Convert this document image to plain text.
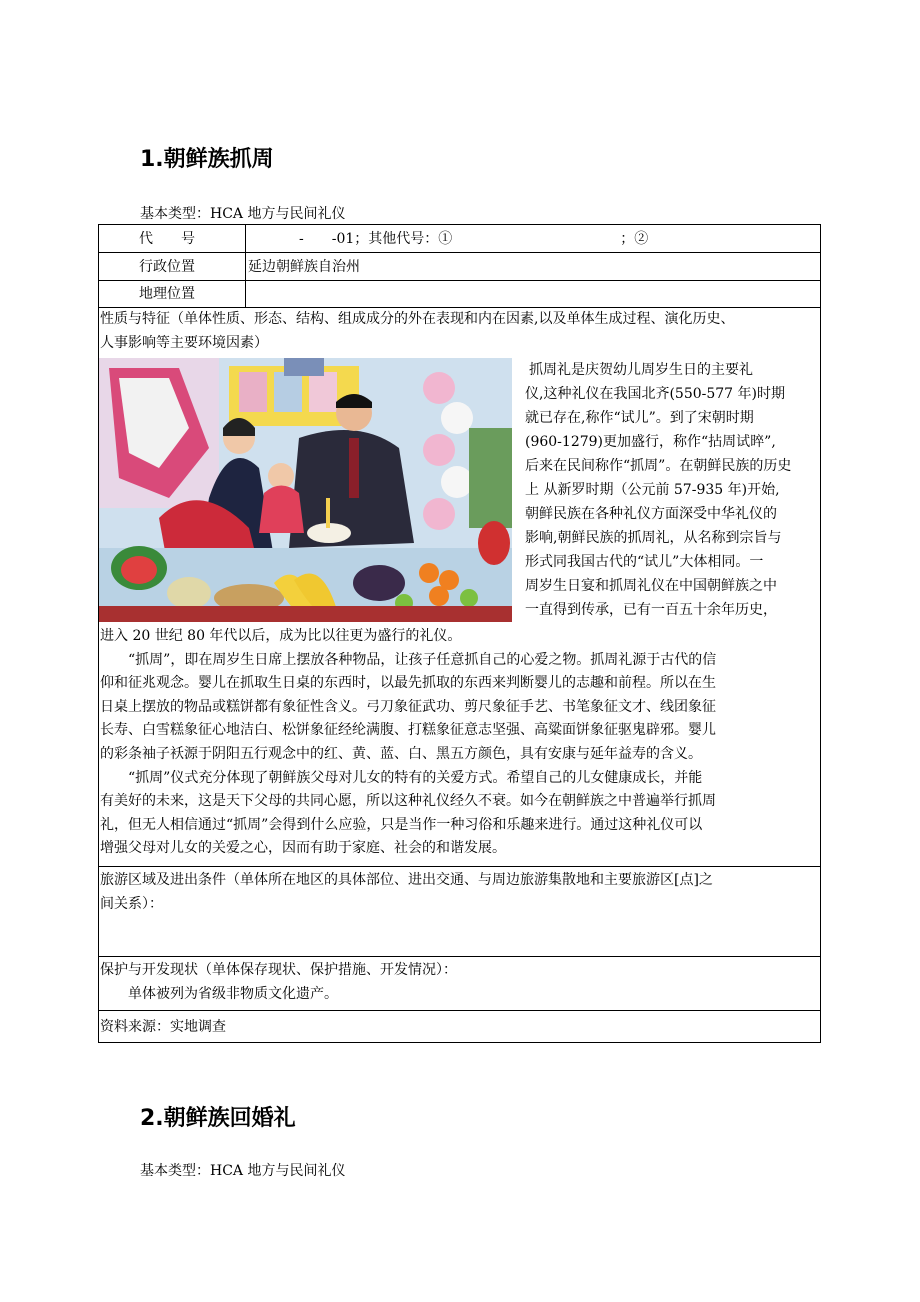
1.朝鲜族抓周
基本类型：HCA 地方与民间礼仪
代　　号	-　　-01；其他代号：①　　　　　　　　　　　　；②
行政位置	延边朝鲜族自治州
地理位置
性质与特征（单体性质、形态、结构、组成成分的外在表现和内在因素,以及单体生成过程、演化历史、
人事影响等主要环境因素）
抓周礼是庆贺幼儿周岁生日的主要礼
仪,这种礼仪在我国北齐(550-577 年)时期
就已存在,称作“试儿”。到了宋朝时期
(960-1279)更加盛行，称作“拈周试晬”,
后来在民间称作“抓周”。在朝鲜民族的历史
上 从新罗时期（公元前 57-935 年)开始,
朝鲜民族在各种礼仪方面深受中华礼仪的
影响,朝鲜民族的抓周礼，从名称到宗旨与
形式同我国古代的“试儿”大体相同。一
周岁生日宴和抓周礼仪在中国朝鲜族之中
一直得到传承，已有一百五十余年历史，
进入 20 世纪 80 年代以后，成为比以往更为盛行的礼仪。
　　“抓周”，即在周岁生日席上摆放各种物品，让孩子任意抓自己的心爱之物。抓周礼源于古代的信
仰和征兆观念。婴儿在抓取生日桌的东西时，以最先抓取的东西来判断婴儿的志趣和前程。所以在生
日桌上摆放的物品或糕饼都有象征性含义。弓刀象征武功、剪尺象征手艺、书笔象征文才、线团象征
长寿、白雪糕象征心地洁白、松饼象征经纶满腹、打糕象征意志坚强、高粱面饼象征驱鬼辟邪。婴儿
的彩条袖子袄源于阴阳五行观念中的红、黄、蓝、白、黑五方颜色，具有安康与延年益寿的含义。
　　“抓周”仪式充分体现了朝鲜族父母对儿女的特有的关爱方式。希望自己的儿女健康成长，并能
有美好的未来，这是天下父母的共同心愿，所以这种礼仪经久不衰。如今在朝鲜族之中普遍举行抓周
礼，但无人相信通过“抓周”会得到什么应验，只是当作一种习俗和乐趣来进行。通过这种礼仪可以
增强父母对儿女的关爱之心，因而有助于家庭、社会的和谐发展。
旅游区域及进出条件（单体所在地区的具体部位、进出交通、与周边旅游集散地和主要旅游区[点]之
间关系）：
保护与开发现状（单体保存现状、保护措施、开发情况）：
　　单体被列为省级非物质文化遗产。
资料来源：实地调查
2.朝鲜族回婚礼
基本类型：HCA 地方与民间礼仪
